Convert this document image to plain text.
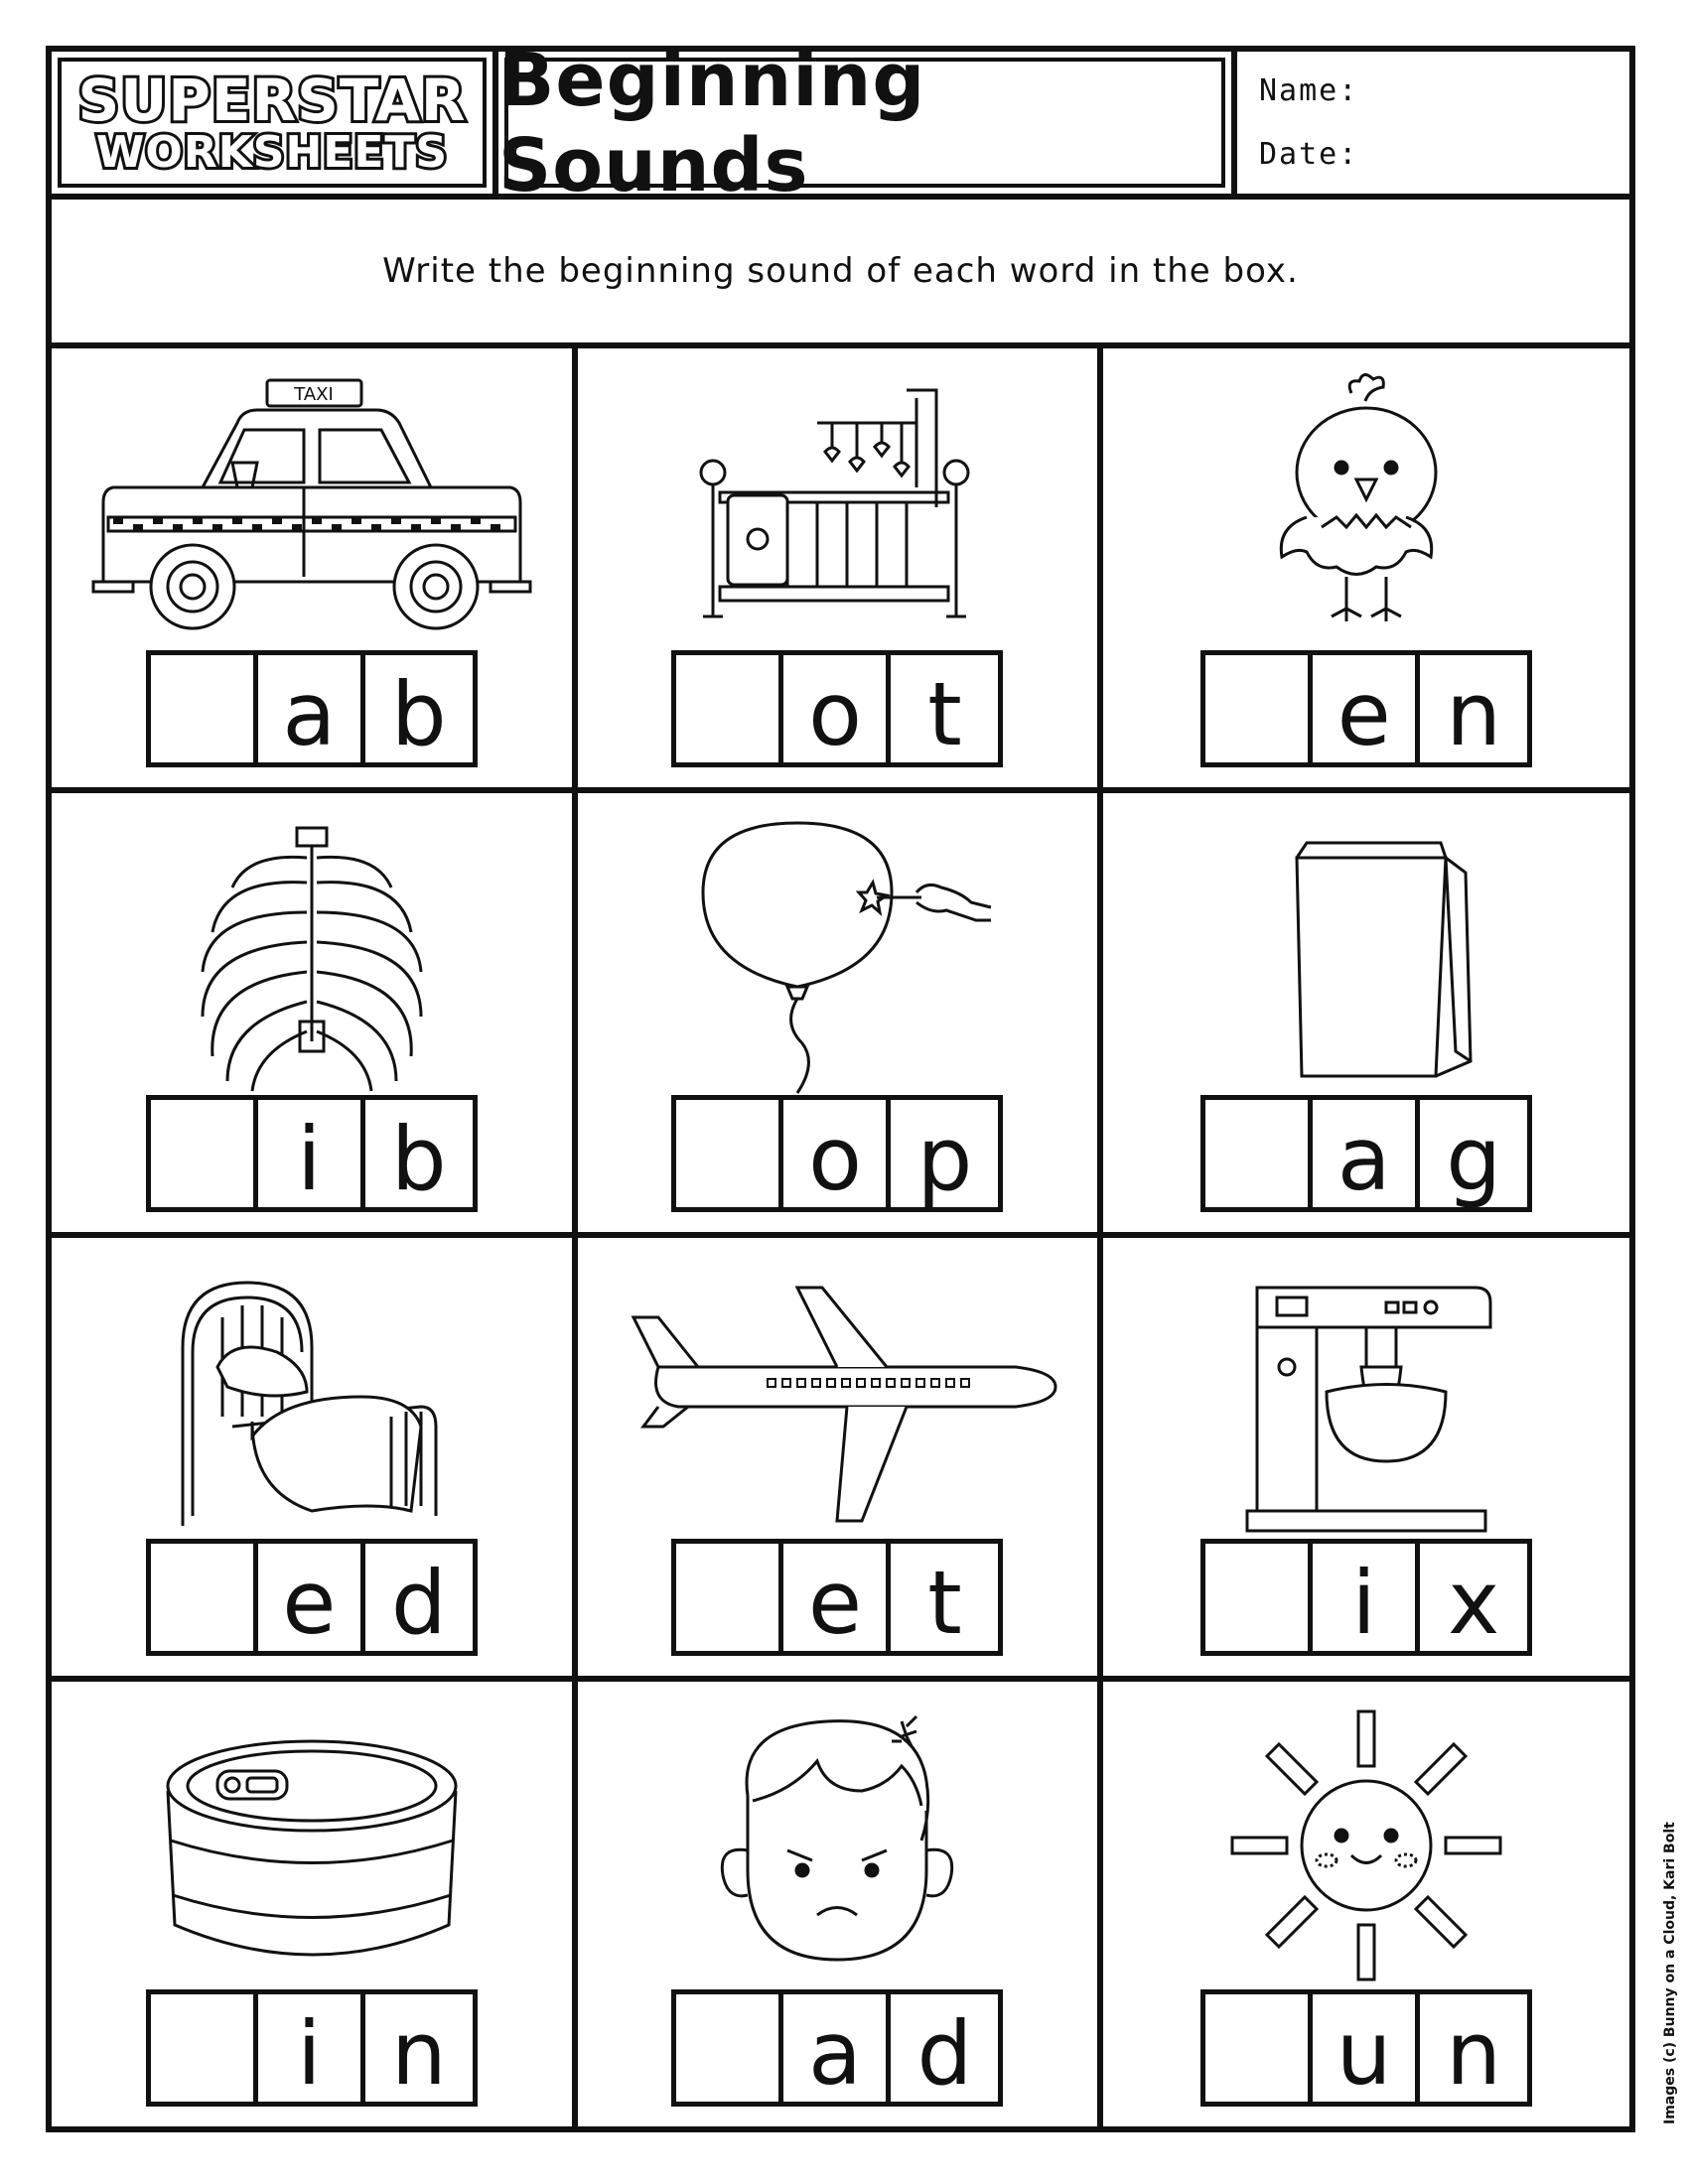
SUPERSTAR
WORKSHEETS
Beginning Sounds
Name:
Date:
Write the beginning sound of each word in the box.
TAXI
a b	o t	e n
i b	o p	a g
e d	e t	i x
i n	a d	u n	Images (c) Bunny on a Cloud, Kari Bolt
